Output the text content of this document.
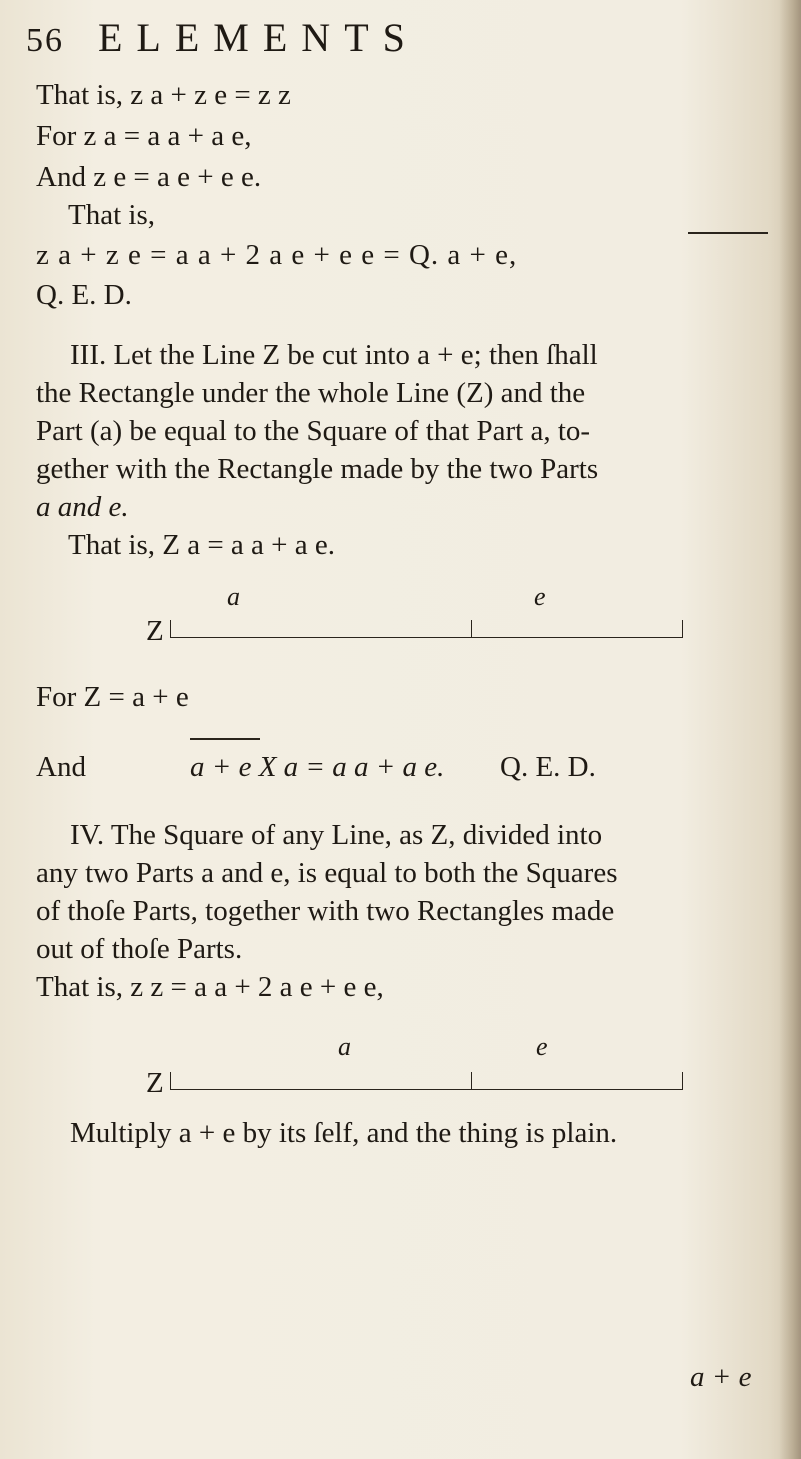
56 ELEMENTS
That is, z a + z e = z z
For z a = a a + a e,
And z e = a e + e e.
That is,
z a + z e = a a + 2 a e + e e = Q. a + e,
Q. E. D.
III. Let the Line Z be cut into a + e; then ſhall
the Rectangle under the whole Line (Z) and the
Part (a) be equal to the Square of that Part a, to-
gether with the Rectangle made by the two Parts
a and e.
That is, Z a = a a + a e.
a	e
Z
For Z = a + e
And	a + e X a = a a + a e. Q. E. D.
IV. The Square of any Line, as Z, divided into
any two Parts a and e, is equal to both the Squares
of thoſe Parts, together with two Rectangles made
out of thoſe Parts.
That is, z z = a a + 2 a e + e e,
a	e
Z
Multiply a + e by its ſelf, and the thing is plain.
a + e
